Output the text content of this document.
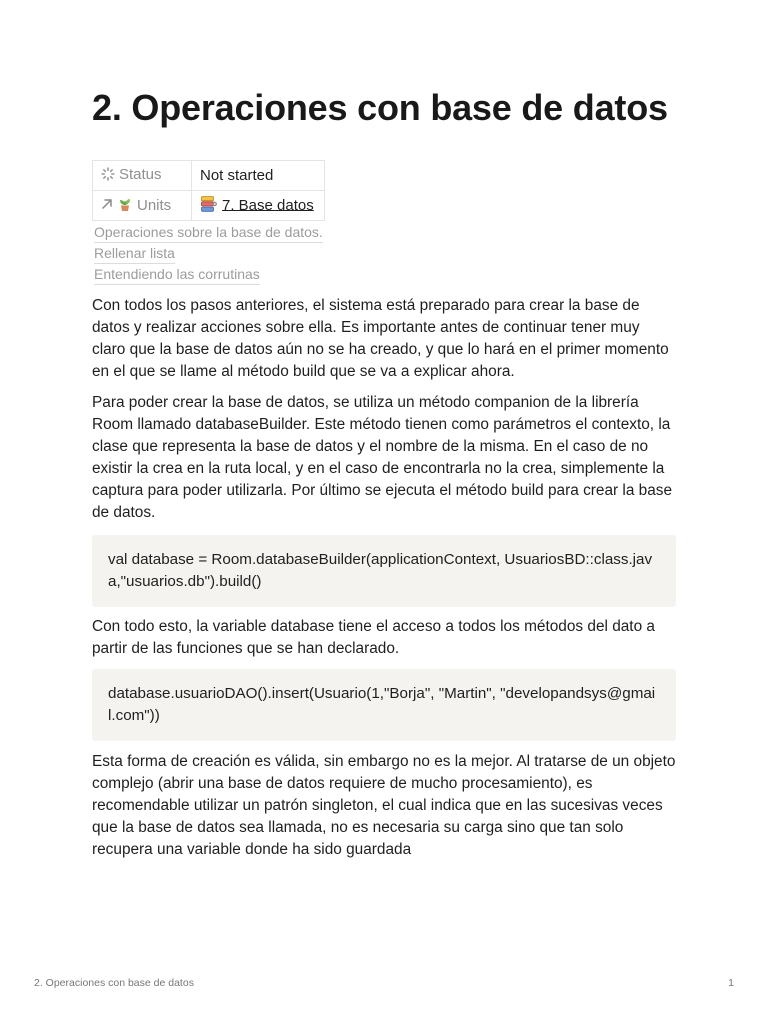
2. Operaciones con base de datos
Status	Not started
Units	7. Base datos
Operaciones sobre la base de datos.
Rellenar lista
Entendiendo las corrutinas

Con todos los pasos anteriores, el sistema está preparado para crear la base de datos y realizar acciones sobre ella. Es importante antes de continuar tener muy claro que la base de datos aún no se ha creado, y que lo hará en el primer momento en el que se llame al método build que se va a explicar ahora.

Para poder crear la base de datos, se utiliza un método companion de la librería Room llamado databaseBuilder. Este método tienen como parámetros el contexto, la clase que representa la base de datos y el nombre de la misma. En el caso de no existir la crea en la ruta local, y en el caso de encontrarla no la crea, simplemente la captura para poder utilizarla. Por último se ejecuta el método build para crear la base de datos.

val database = Room.databaseBuilder(applicationContext, UsuariosBD::class.java,"usuarios.db").build()

Con todo esto, la variable database tiene el acceso a todos los métodos del dato a partir de las funciones que se han declarado.

database.usuarioDAO().insert(Usuario(1,"Borja", "Martin", "developandsys@gmail.com"))

Esta forma de creación es válida, sin embargo no es la mejor. Al tratarse de un objeto complejo (abrir una base de datos requiere de mucho procesamiento), es recomendable utilizar un patrón singleton, el cual indica que en las sucesivas veces que la base de datos sea llamada, no es necesaria su carga sino que tan solo recupera una variable donde ha sido guardada

2. Operaciones con base de datos	1
